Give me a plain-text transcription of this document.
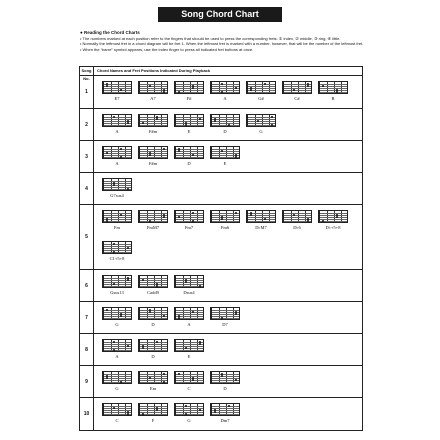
Song Chord Chart

● Reading the Chord Charts

• The numbers marked at each position refer to the fingers that should be used to press the corresponding frets: ① index, ② middle, ③ ring, ④ little.

• Normally the leftmost fret in a chord diagram will be fret 1. When the leftmost fret is marked with a number, however, that will be the number of the leftmost fret.

• When the “barre” symbol appears, use the index finger to press all indicated fret buttons at once.

Song No.
Chord Names and Fret Positions Indicated During Playback
1
E7	A7	F#	A	G#	C#	B
2
A	F#m	E	D	G
3
A	F#m	D	E
4
G7sus4
5
Fm	FmM7	Fm7	Fm6	D♭M7	D♭6	D♭+5+8
C1+5+8
6
Gsus13	Cadd9	Dsus4
7
G	D	A	D7
8
A	D	E
9
G	Em	C	D
10
C	F	G	Dm7
